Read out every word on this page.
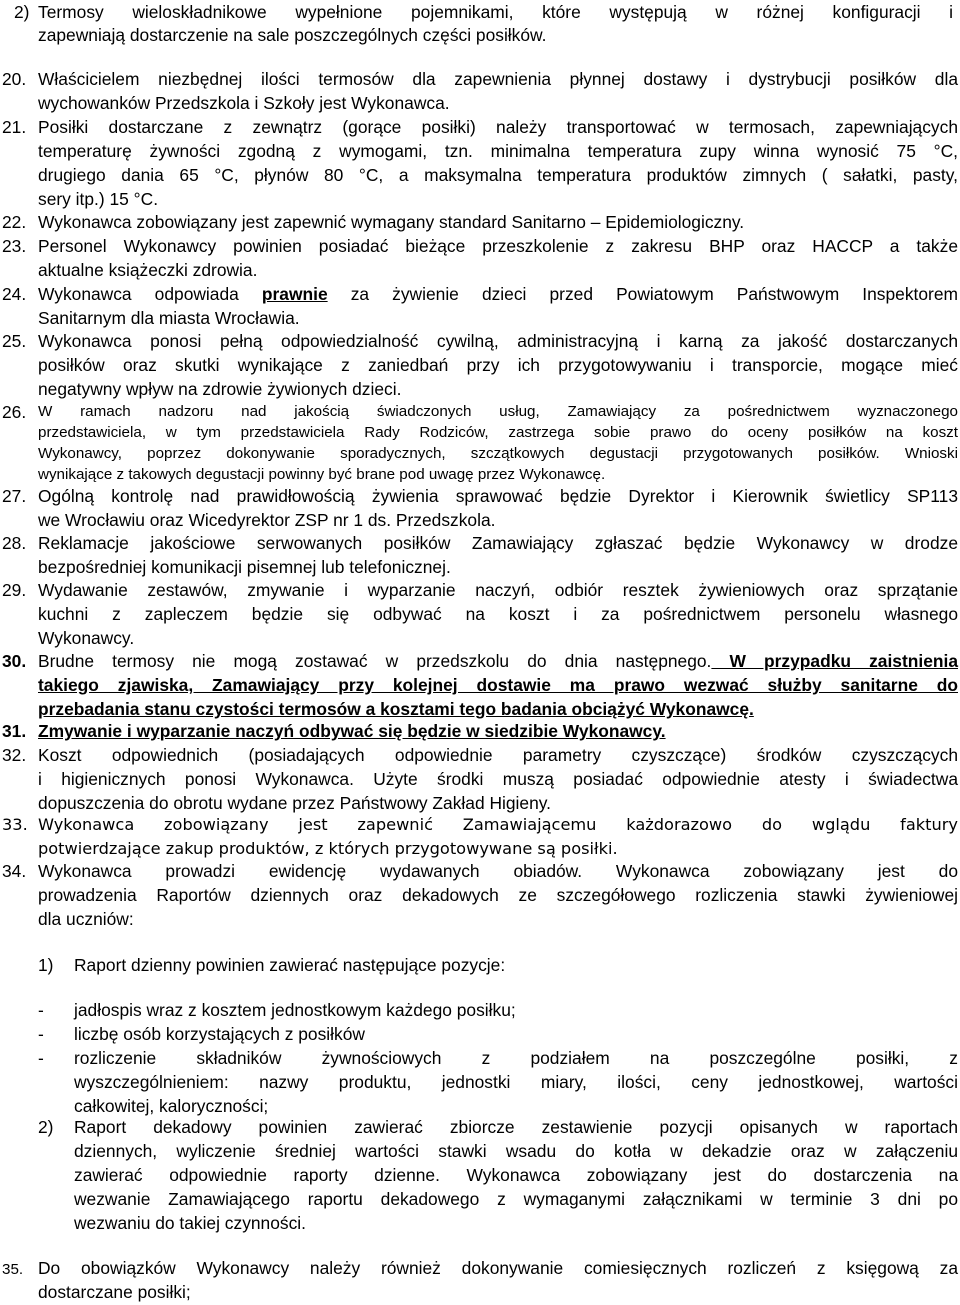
2) Termosy wieloskładnikowe wypełnione pojemnikami, które występują w różnej konfiguracji i
zapewniają dostarczenie na sale poszczególnych części posiłków.
20. Właścicielem niezbędnej ilości termosów dla zapewnienia płynnej dostawy i dystrybucji posiłków dla
wychowanków Przedszkola i Szkoły jest Wykonawca.
21. Posiłki dostarczane z zewnątrz (gorące posiłki) należy transportować w termosach, zapewniających
temperaturę żywności zgodną z wymogami, tzn. minimalna temperatura zupy winna wynosić 75 °C,
drugiego dania 65 °C, płynów 80 °C, a maksymalna temperatura produktów zimnych ( sałatki, pasty,
sery itp.) 15 °C.
22. Wykonawca zobowiązany jest zapewnić wymagany standard Sanitarno – Epidemiologiczny.
23. Personel Wykonawcy powinien posiadać bieżące przeszkolenie z zakresu BHP oraz HACCP a także
aktualne książeczki zdrowia.
24. Wykonawca odpowiada prawnie za żywienie dzieci przed Powiatowym Państwowym Inspektorem
Sanitarnym dla miasta Wrocławia.
25. Wykonawca ponosi pełną odpowiedzialność cywilną, administracyjną i karną za jakość dostarczanych
posiłków oraz skutki wynikające z zaniedbań przy ich przygotowywaniu i transporcie, mogące mieć
negatywny wpływ na zdrowie żywionych dzieci.
26. W ramach nadzoru nad jakością świadczonych usług, Zamawiający za pośrednictwem wyznaczonego
przedstawiciela, w tym przedstawiciela Rady Rodziców, zastrzega sobie prawo do oceny posiłków na koszt
Wykonawcy, poprzez dokonywanie sporadycznych, szczątkowych degustacji przygotowanych posiłków. Wnioski
wynikające z takowych degustacji powinny być brane pod uwagę przez Wykonawcę.
27. Ogólną kontrolę nad prawidłowością żywienia sprawować będzie Dyrektor i Kierownik świetlicy SP113
we Wrocławiu oraz Wicedyrektor ZSP nr 1 ds. Przedszkola.
28. Reklamacje jakościowe serwowanych posiłków Zamawiający zgłaszać będzie Wykonawcy w drodze
bezpośredniej komunikacji pisemnej lub telefonicznej.
29. Wydawanie zestawów, zmywanie i wyparzanie naczyń, odbiór resztek żywieniowych oraz sprzątanie
kuchni z zapleczem będzie się odbywać na koszt i za pośrednictwem personelu własnego
Wykonawcy.
30. Brudne termosy nie mogą zostawać w przedszkolu do dnia następnego. W przypadku zaistnienia
takiego zjawiska, Zamawiający przy kolejnej dostawie ma prawo wezwać służby sanitarne do
przebadania stanu czystości termosów a kosztami tego badania obciążyć Wykonawcę.
31. Zmywanie i wyparzanie naczyń odbywać się będzie w siedzibie Wykonawcy.
32. Koszt odpowiednich (posiadających odpowiednie parametry czyszczące) środków czyszczących
i higienicznych ponosi Wykonawca. Użyte środki muszą posiadać odpowiednie atesty i świadectwa
dopuszczenia do obrotu wydane przez Państwowy Zakład Higieny.
33. Wykonawca zobowiązany jest zapewnić Zamawiającemu każdorazowo do wglądu faktury
potwierdzające zakup produktów, z których przygotowywane są posiłki.
34. Wykonawca prowadzi ewidencję wydawanych obiadów. Wykonawca zobowiązany jest do
prowadzenia Raportów dziennych oraz dekadowych ze szczegółowego rozliczenia stawki żywieniowej
dla uczniów:
1) Raport dzienny powinien zawierać następujące pozycje:
- jadłospis wraz z kosztem jednostkowym każdego posiłku;
- liczbę osób korzystających z posiłków
- rozliczenie składników żywnościowych z podziałem na poszczególne posiłki, z
wyszczególnieniem: nazwy produktu, jednostki miary, ilości, ceny jednostkowej, wartości
całkowitej, kaloryczności;
2) Raport dekadowy powinien zawierać zbiorcze zestawienie pozycji opisanych w raportach
dziennych, wyliczenie średniej wartości stawki wsadu do kotła w dekadzie oraz w załączeniu
zawierać odpowiednie raporty dzienne. Wykonawca zobowiązany jest do dostarczenia na
wezwanie Zamawiającego raportu dekadowego z wymaganymi załącznikami w terminie 3 dni po
wezwaniu do takiej czynności.
35. Do obowiązków Wykonawcy należy również dokonywanie comiesięcznych rozliczeń z księgową za
dostarczane posiłki;
